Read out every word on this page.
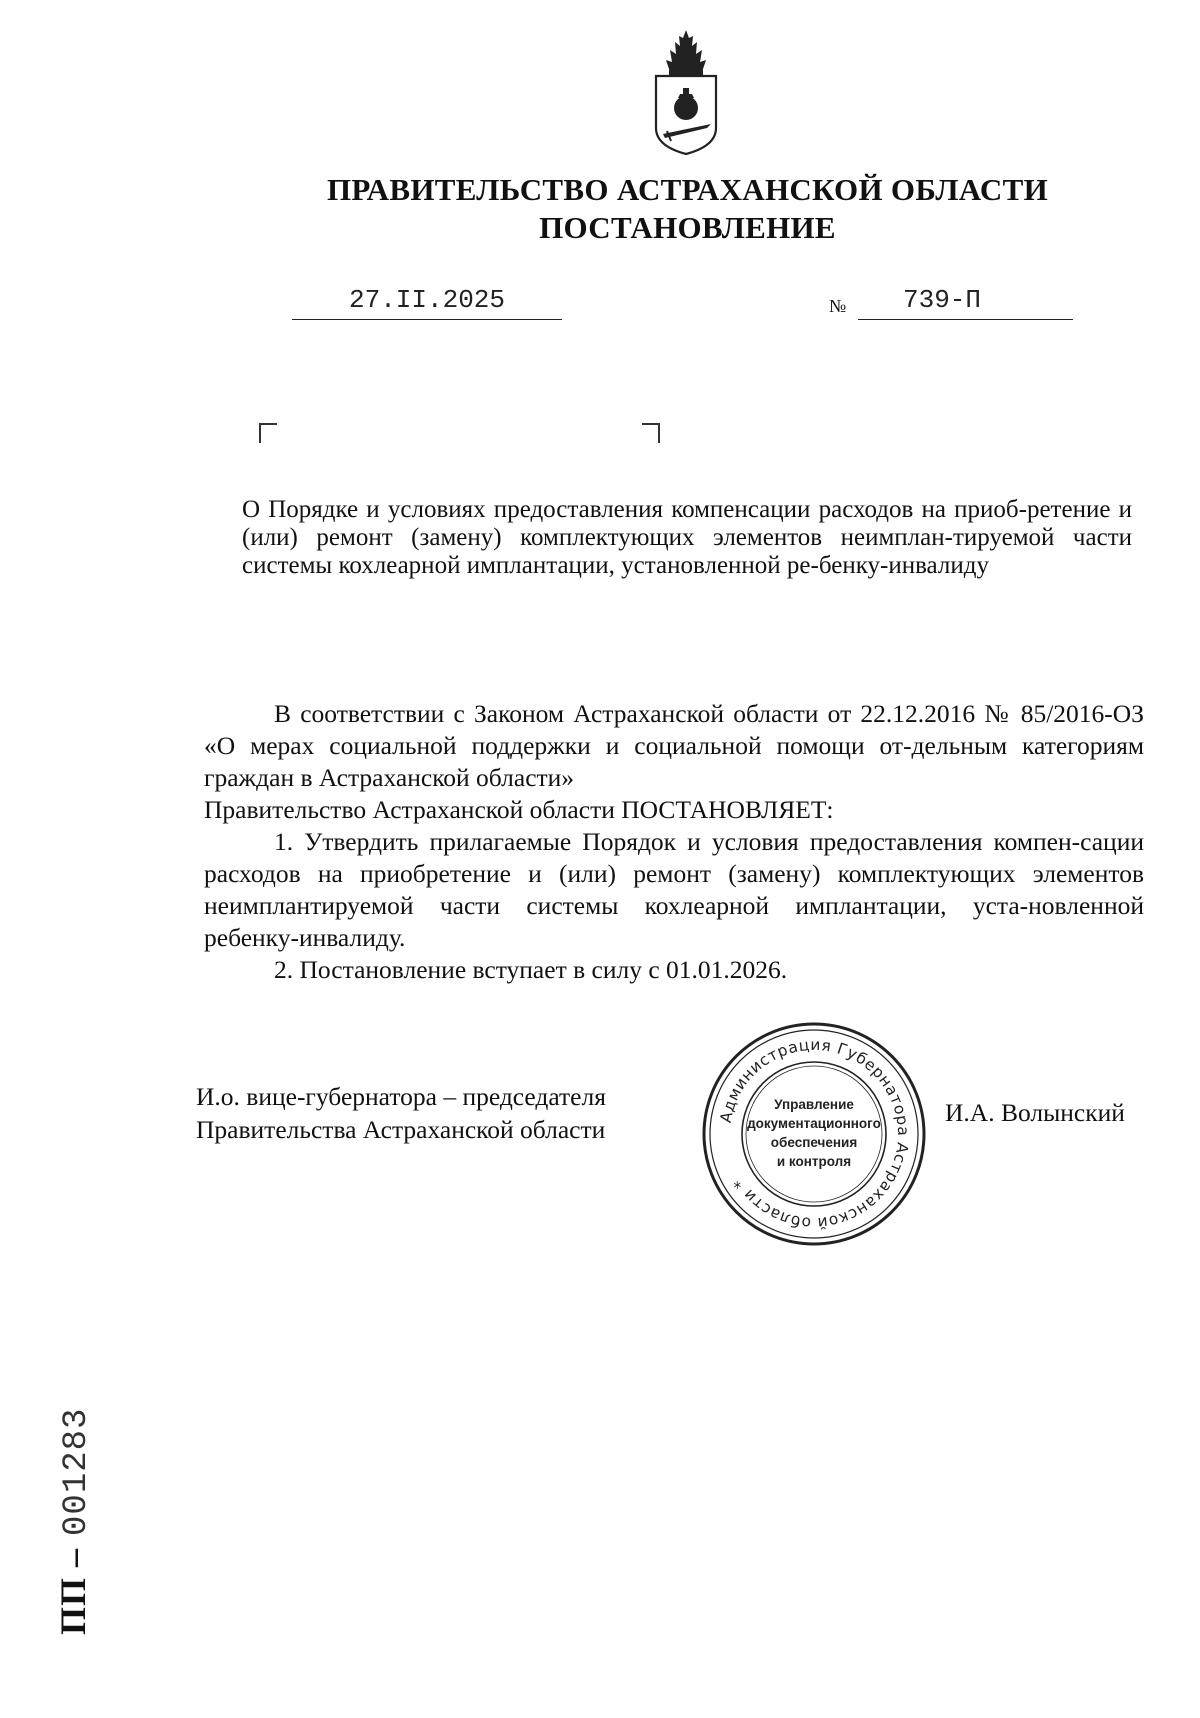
ПРАВИТЕЛЬСТВО АСТРАХАНСКОЙ ОБЛАСТИ
ПОСТАНОВЛЕНИЕ
27.II.2025	№	739-П
О Порядке и условиях предоставления компенсации расходов на приоб-ретение и (или) ремонт (замену) комплектующих элементов неимплан-тируемой части системы кохлеарной имплантации, установленной ре-бенку-инвалиду

В соответствии с Законом Астраханской области от 22.12.2016 № 85/2016-ОЗ «О мерах социальной поддержки и социальной помощи от-дельным категориям граждан в Астраханской области»

Правительство Астраханской области ПОСТАНОВЛЯЕТ:

1. Утвердить прилагаемые Порядок и условия предоставления компен-сации расходов на приобретение и (или) ремонт (замену) комплектующих элементов неимплантируемой части системы кохлеарной имплантации, уста-новленной ребенку-инвалиду.

2. Постановление вступает в силу с 01.01.2026.

И.о. вице-губернатора – председателя
Правительства Астраханской области	Администрация Губернатора Астраханской области *
Управление
документационного
обеспечения
и контроля
И.А. Волынский
ПП –001283
